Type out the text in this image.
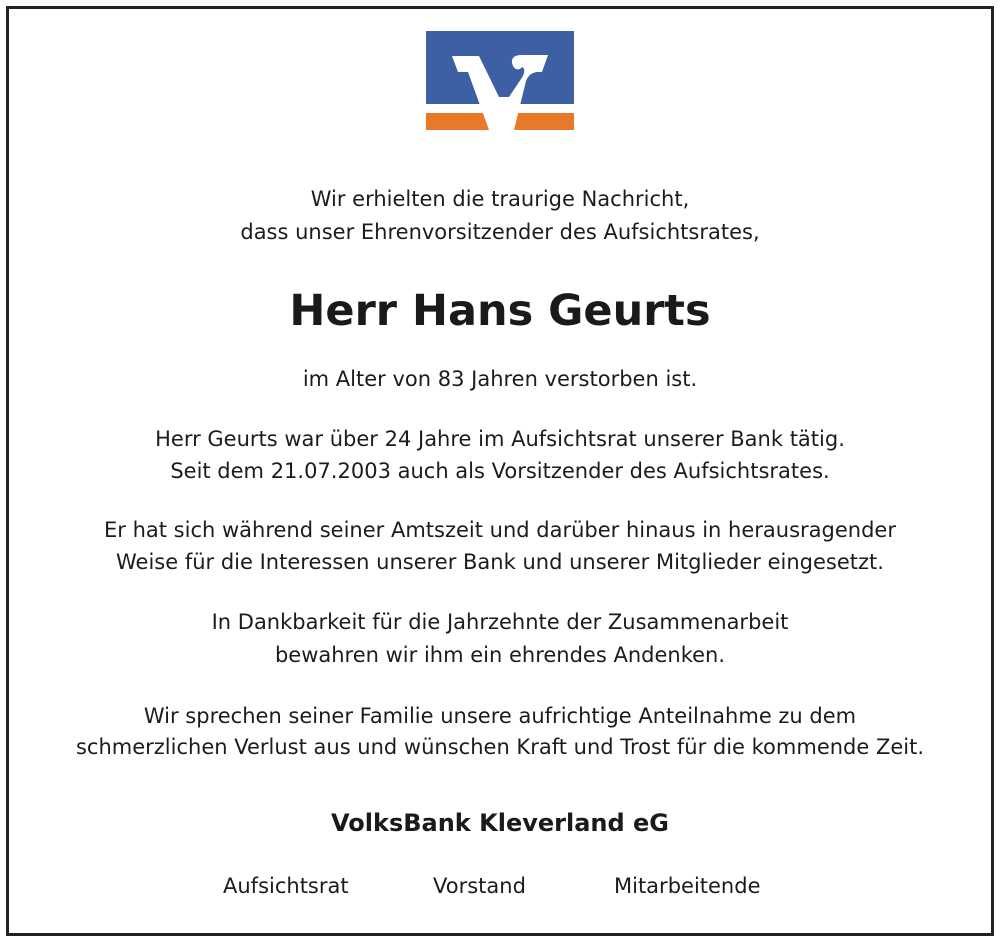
Wir erhielten die traurige Nachricht,
dass unser Ehrenvorsitzender des Aufsichtsrates,
Herr Hans Geurts
im Alter von 83 Jahren verstorben ist.
Herr Geurts war über 24 Jahre im Aufsichtsrat unserer Bank tätig.
Seit dem 21.07.2003 auch als Vorsitzender des Aufsichtsrates.
Er hat sich während seiner Amtszeit und darüber hinaus in herausragender
Weise für die Interessen unserer Bank und unserer Mitglieder eingesetzt.
In Dankbarkeit für die Jahrzehnte der Zusammenarbeit
bewahren wir ihm ein ehrendes Andenken.
Wir sprechen seiner Familie unsere aufrichtige Anteilnahme zu dem
schmerzlichen Verlust aus und wünschen Kraft und Trost für die kommende Zeit.
VolksBank Kleverland eG
Aufsichtsrat	Vorstand	Mitarbeitende
